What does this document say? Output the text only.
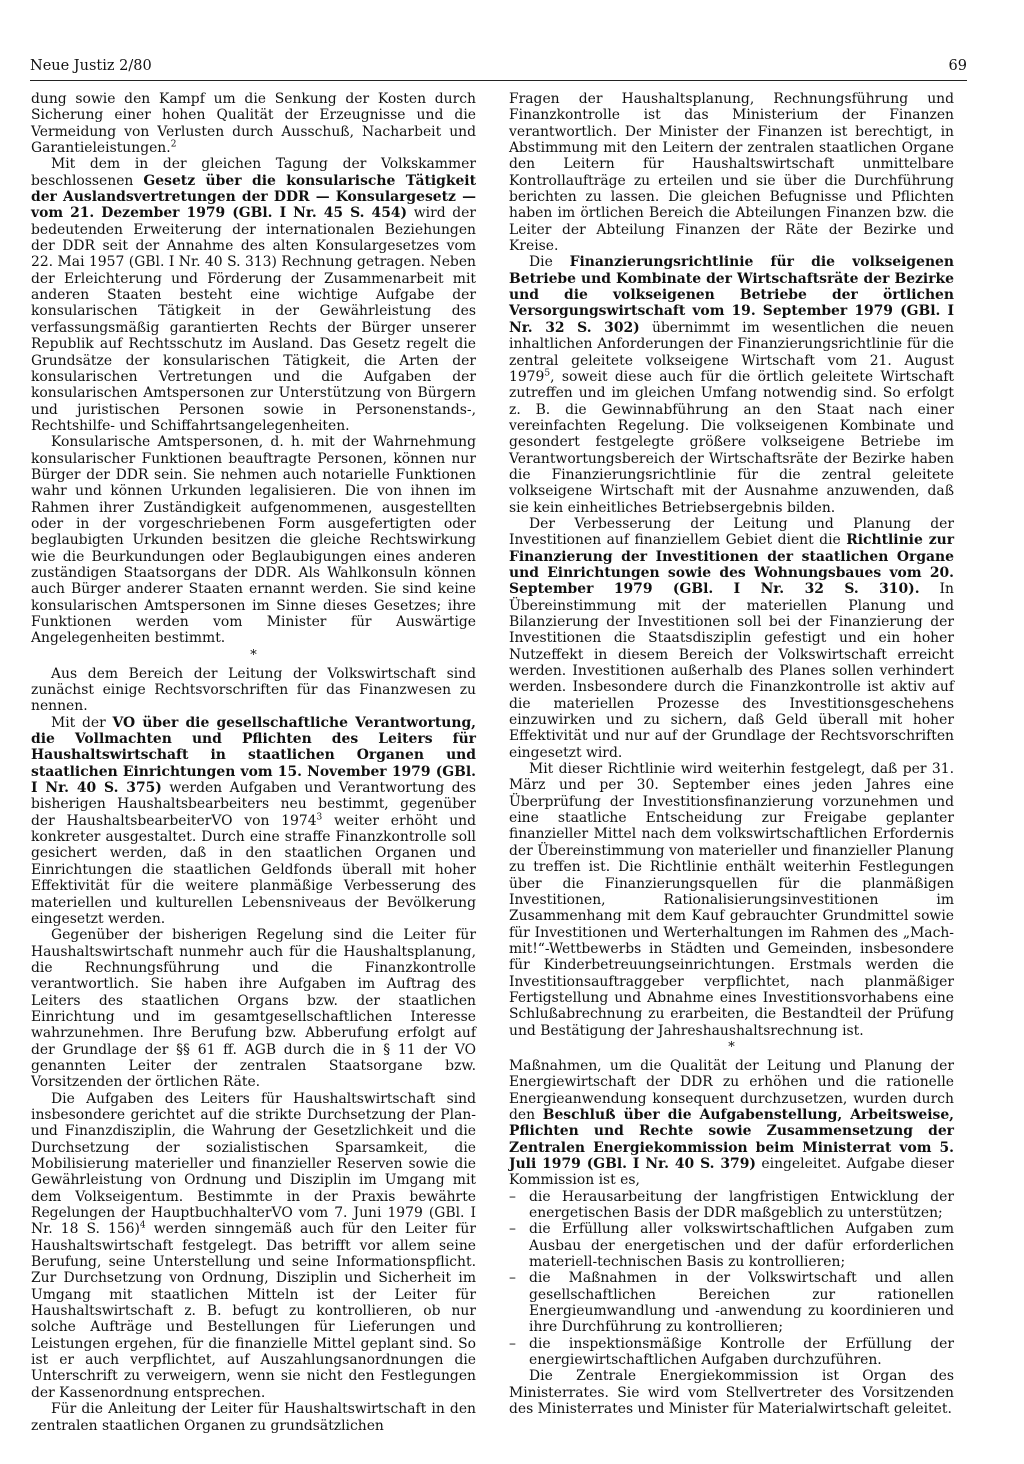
Neue Justiz 2/80	69

dung sowie den Kampf um die Senkung der Kosten durch Sicherung einer hohen Qualität der Erzeugnisse und die Vermeidung von Verlusten durch Ausschuß, Nacharbeit und Garantieleistungen.$^2$

Mit dem in der gleichen Tagung der Volkskammer beschlossenen Gesetz über die konsularische Tätigkeit der Auslandsvertretungen der DDR — Konsulargesetz — vom 21. Dezember 1979 (GBl. I Nr. 45 S. 454) wird der bedeutenden Erweiterung der internationalen Beziehungen der DDR seit der Annahme des alten Konsulargesetzes vom 22. Mai 1957 (GBl. I Nr. 40 S. 313) Rechnung getragen. Neben der Erleichterung und Förderung der Zusammenarbeit mit anderen Staaten besteht eine wichtige Aufgabe der konsularischen Tätigkeit in der Gewährleistung des verfassungsmäßig garantierten Rechts der Bürger unserer Republik auf Rechtsschutz im Ausland. Das Gesetz regelt die Grundsätze der konsularischen Tätigkeit, die Arten der konsularischen Vertretungen und die Aufgaben der konsularischen Amtspersonen zur Unterstützung von Bürgern und juristischen Personen sowie in Personenstands-, Rechtshilfe- und Schiffahrtsangelegenheiten.

Konsularische Amtspersonen, d. h. mit der Wahrnehmung konsularischer Funktionen beauftragte Personen, können nur Bürger der DDR sein. Sie nehmen auch notarielle Funktionen wahr und können Urkunden legalisieren. Die von ihnen im Rahmen ihrer Zuständigkeit aufgenommenen, ausgestellten oder in der vorgeschriebenen Form ausgefertigten oder beglaubigten Urkunden besitzen die gleiche Rechtswirkung wie die Beurkundungen oder Beglaubigungen eines anderen zuständigen Staatsorgans der DDR. Als Wahlkonsuln können auch Bürger anderer Staaten ernannt werden. Sie sind keine konsularischen Amtspersonen im Sinne dieses Gesetzes; ihre Funktionen werden vom Minister für Auswärtige Angelegenheiten bestimmt.

*

Aus dem Bereich der Leitung der Volkswirtschaft sind zunächst einige Rechtsvorschriften für das Finanzwesen zu nennen.

Mit der VO über die gesellschaftliche Verantwortung, die Vollmachten und Pflichten des Leiters für Haushaltswirtschaft in staatlichen Organen und staatlichen Einrichtungen vom 15. November 1979 (GBl. I Nr. 40 S. 375) werden Aufgaben und Verantwortung des bisherigen Haushaltsbearbeiters neu bestimmt, gegenüber der HaushaltsbearbeiterVO von 1974$^3$ weiter erhöht und konkreter ausgestaltet. Durch eine straffe Finanzkontrolle soll gesichert werden, daß in den staatlichen Organen und Einrichtungen die staatlichen Geldfonds überall mit hoher Effektivität für die weitere planmäßige Verbesserung des materiellen und kulturellen Lebensniveaus der Bevölkerung eingesetzt werden.

Gegenüber der bisherigen Regelung sind die Leiter für Haushaltswirtschaft nunmehr auch für die Haushaltsplanung, die Rechnungsführung und die Finanzkontrolle verantwortlich. Sie haben ihre Aufgaben im Auftrag des Leiters des staatlichen Organs bzw. der staatlichen Einrichtung und im gesamtgesellschaftlichen Interesse wahrzunehmen. Ihre Berufung bzw. Abberufung erfolgt auf der Grundlage der §§ 61 ff. AGB durch die in § 11 der VO genannten Leiter der zentralen Staatsorgane bzw. Vorsitzenden der örtlichen Räte.

Die Aufgaben des Leiters für Haushaltswirtschaft sind insbesondere gerichtet auf die strikte Durchsetzung der Plan- und Finanzdisziplin, die Wahrung der Gesetzlichkeit und die Durchsetzung der sozialistischen Sparsamkeit, die Mobilisierung materieller und finanzieller Reserven sowie die Gewährleistung von Ordnung und Disziplin im Umgang mit dem Volkseigentum. Bestimmte in der Praxis bewährte Regelungen der HauptbuchhalterVO vom 7. Juni 1979 (GBl. I Nr. 18 S. 156)$^4$ werden sinngemäß auch für den Leiter für Haushaltswirtschaft festgelegt. Das betrifft vor allem seine Berufung, seine Unterstellung und seine Informationspflicht. Zur Durchsetzung von Ordnung, Disziplin und Sicherheit im Umgang mit staatlichen Mitteln ist der Leiter für Haushaltswirtschaft z. B. befugt zu kontrollieren, ob nur solche Aufträge und Bestellungen für Lieferungen und Leistungen ergehen, für die finanzielle Mittel geplant sind. So ist er auch verpflichtet, auf Auszahlungsanordnungen die Unterschrift zu verweigern, wenn sie nicht den Festlegungen der Kassenordnung entsprechen.

Für die Anleitung der Leiter für Haushaltswirtschaft in den zentralen staatlichen Organen zu grundsätzlichen

Fragen der Haushaltsplanung, Rechnungsführung und Finanzkontrolle ist das Ministerium der Finanzen verantwortlich. Der Minister der Finanzen ist berechtigt, in Abstimmung mit den Leitern der zentralen staatlichen Organe den Leitern für Haushaltswirtschaft unmittelbare Kontrollaufträge zu erteilen und sie über die Durchführung berichten zu lassen. Die gleichen Befugnisse und Pflichten haben im örtlichen Bereich die Abteilungen Finanzen bzw. die Leiter der Abteilung Finanzen der Räte der Bezirke und Kreise.

Die Finanzierungsrichtlinie für die volkseigenen Betriebe und Kombinate der Wirtschaftsräte der Bezirke und die volkseigenen Betriebe der örtlichen Versorgungswirtschaft vom 19. September 1979 (GBl. I Nr. 32 S. 302) übernimmt im wesentlichen die neuen inhaltlichen Anforderungen der Finanzierungsrichtlinie für die zentral geleitete volkseigene Wirtschaft vom 21. August 1979$^5$, soweit diese auch für die örtlich geleitete Wirtschaft zutreffen und im gleichen Umfang notwendig sind. So erfolgt z. B. die Gewinnabführung an den Staat nach einer vereinfachten Regelung. Die volkseigenen Kombinate und gesondert festgelegte größere volkseigene Betriebe im Verantwortungsbereich der Wirtschaftsräte der Bezirke haben die Finanzierungsrichtlinie für die zentral geleitete volkseigene Wirtschaft mit der Ausnahme anzuwenden, daß sie kein einheitliches Betriebsergebnis bilden.

Der Verbesserung der Leitung und Planung der Investitionen auf finanziellem Gebiet dient die Richtlinie zur Finanzierung der Investitionen der staatlichen Organe und Einrichtungen sowie des Wohnungsbaues vom 20. September 1979 (GBl. I Nr. 32 S. 310). In Übereinstimmung mit der materiellen Planung und Bilanzierung der Investitionen soll bei der Finanzierung der Investitionen die Staatsdisziplin gefestigt und ein hoher Nutzeffekt in diesem Bereich der Volkswirtschaft erreicht werden. Investitionen außerhalb des Planes sollen verhindert werden. Insbesondere durch die Finanzkontrolle ist aktiv auf die materiellen Prozesse des Investitionsgeschehens einzuwirken und zu sichern, daß Geld überall mit hoher Effektivität und nur auf der Grundlage der Rechtsvorschriften eingesetzt wird.

Mit dieser Richtlinie wird weiterhin festgelegt, daß per 31. März und per 30. September eines jeden Jahres eine Überprüfung der Investitionsfinanzierung vorzunehmen und eine staatliche Entscheidung zur Freigabe geplanter finanzieller Mittel nach dem volkswirtschaftlichen Erfordernis der Übereinstimmung von materieller und finanzieller Planung zu treffen ist. Die Richtlinie enthält weiterhin Festlegungen über die Finanzierungsquellen für die planmäßigen Investitionen, Rationalisierungsinvestitionen im Zusammenhang mit dem Kauf gebrauchter Grundmittel sowie für Investitionen und Werterhaltungen im Rahmen des „Mach-mit!“-Wettbewerbs in Städten und Gemeinden, insbesondere für Kinderbetreuungseinrichtungen. Erstmals werden die Investitionsauftraggeber verpflichtet, nach planmäßiger Fertigstellung und Abnahme eines Investitionsvorhabens eine Schlußabrechnung zu erarbeiten, die Bestandteil der Prüfung und Bestätigung der Jahreshaushaltsrechnung ist.

*

Maßnahmen, um die Qualität der Leitung und Planung der Energiewirtschaft der DDR zu erhöhen und die rationelle Energieanwendung konsequent durchzusetzen, wurden durch den Beschluß über die Aufgabenstellung, Arbeitsweise, Pflichten und Rechte sowie Zusammensetzung der Zentralen Energiekommission beim Ministerrat vom 5. Juli 1979 (GBl. I Nr. 40 S. 379) eingeleitet. Aufgabe dieser Kommission ist es,

– die Herausarbeitung der langfristigen Entwicklung der energetischen Basis der DDR maßgeblich zu unterstützen;
– die Erfüllung aller volkswirtschaftlichen Aufgaben zum Ausbau der energetischen und der dafür erforderlichen materiell-technischen Basis zu kontrollieren;
– die Maßnahmen in der Volkswirtschaft und allen gesellschaftlichen Bereichen zur rationellen Energieumwandlung und -anwendung zu koordinieren und ihre Durchführung zu kontrollieren;
– die inspektionsmäßige Kontrolle der Erfüllung der energiewirtschaftlichen Aufgaben durchzuführen.

Die Zentrale Energiekommission ist Organ des Ministerrates. Sie wird vom Stellvertreter des Vorsitzenden des Ministerrates und Minister für Materialwirtschaft geleitet.
